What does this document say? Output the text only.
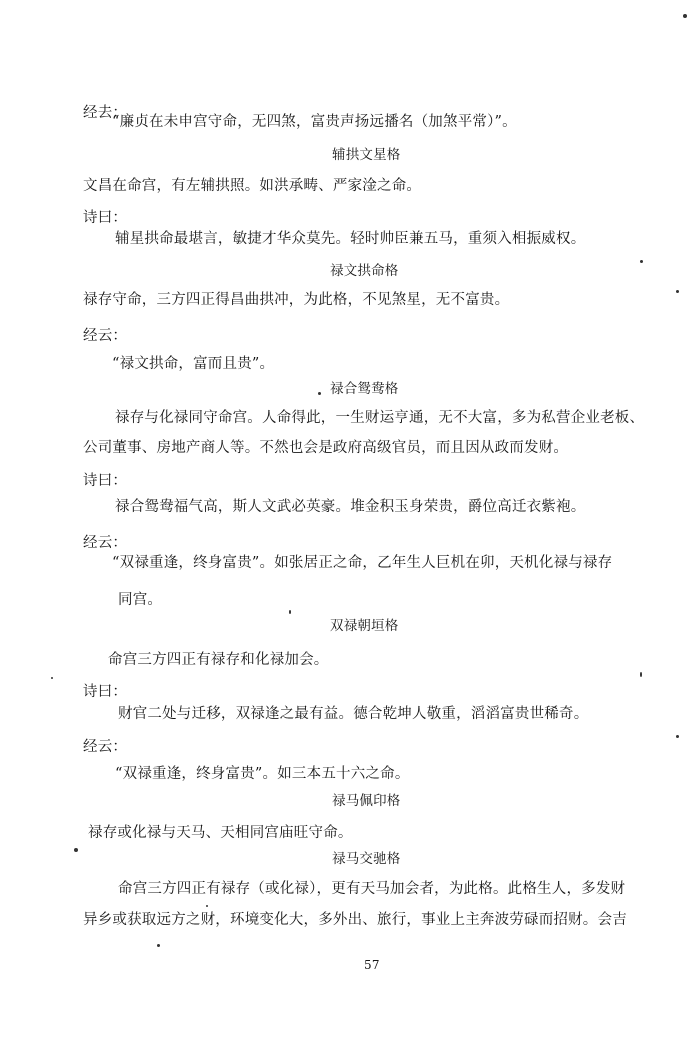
经去：
“廉贞在未申宫守命，无四煞，富贵声扬远播名（加煞平常）”。
辅拱文星格
文昌在命宫，有左辅拱照。如洪承畴、严家淦之命。
诗曰：
辅星拱命最堪言，敏捷才华众莫先。轻时帅臣兼五马，重须入相振威权。
禄文拱命格
禄存守命，三方四正得昌曲拱冲，为此格，不见煞星，无不富贵。
经云：
“禄文拱命，富而且贵”。
禄合鸳鸯格
禄存与化禄同守命宫。人命得此，一生财运亨通，无不大富，多为私营企业老板、
公司董事、房地产商人等。不然也会是政府高级官员，而且因从政而发财。
诗曰：
禄合鸳鸯福气高，斯人文武必英豪。堆金积玉身荣贵，爵位高迁衣紫袍。
经云：
“双禄重逢，终身富贵”。如张居正之命，乙年生人巨机在卯，天机化禄与禄存
同宫。
双禄朝垣格
命宫三方四正有禄存和化禄加会。
诗曰：
财官二处与迁移，双禄逢之最有益。德合乾坤人敬重，滔滔富贵世稀奇。
经云：
“双禄重逢，终身富贵”。如三本五十六之命。
禄马佩印格
禄存或化禄与天马、天相同宫庙旺守命。
禄马交驰格
命宫三方四正有禄存（或化禄），更有天马加会者，为此格。此格生人，多发财
异乡或获取远方之财，环境变化大，多外出、旅行，事业上主奔波劳碌而招财。会吉
57
